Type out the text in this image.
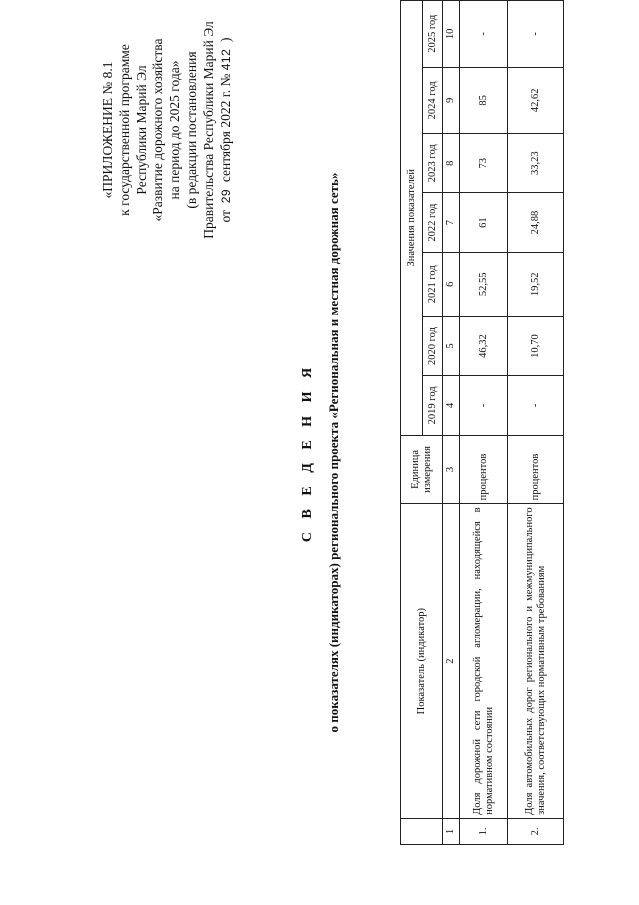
«ПРИЛОЖЕНИЕ № 8.1 к государственной программе Республики Марий Эл «Развитие дорожного хозяйства на период до 2025 года» (в редакции постановления Правительства Республики Марий Эл от  29  сентября 2022 г. № 412  )
С В Е Д Е Н И Я о показателях (индикаторах) регионального проекта «Региональная и местная дорожная сеть»
		Показатель (индикатор)	Единица измерения	Значения показателей						
			2019 год	2020 год	2021 год	2022 год	2023 год	2024 год	2025 год
1	2	3	4	5	6	7	8	9	10
1.	Доля дорожной сети городской агломерации, находящейся в нормативном состоянии	процентов	-	46,32	52,55	61	73	85	-
2.	Доля автомобильных дорог регионального и межмуниципального значения, соответствующих нормативным требованиям	процентов	-	10,70	19,52	24,88	33,23	42,62	-
